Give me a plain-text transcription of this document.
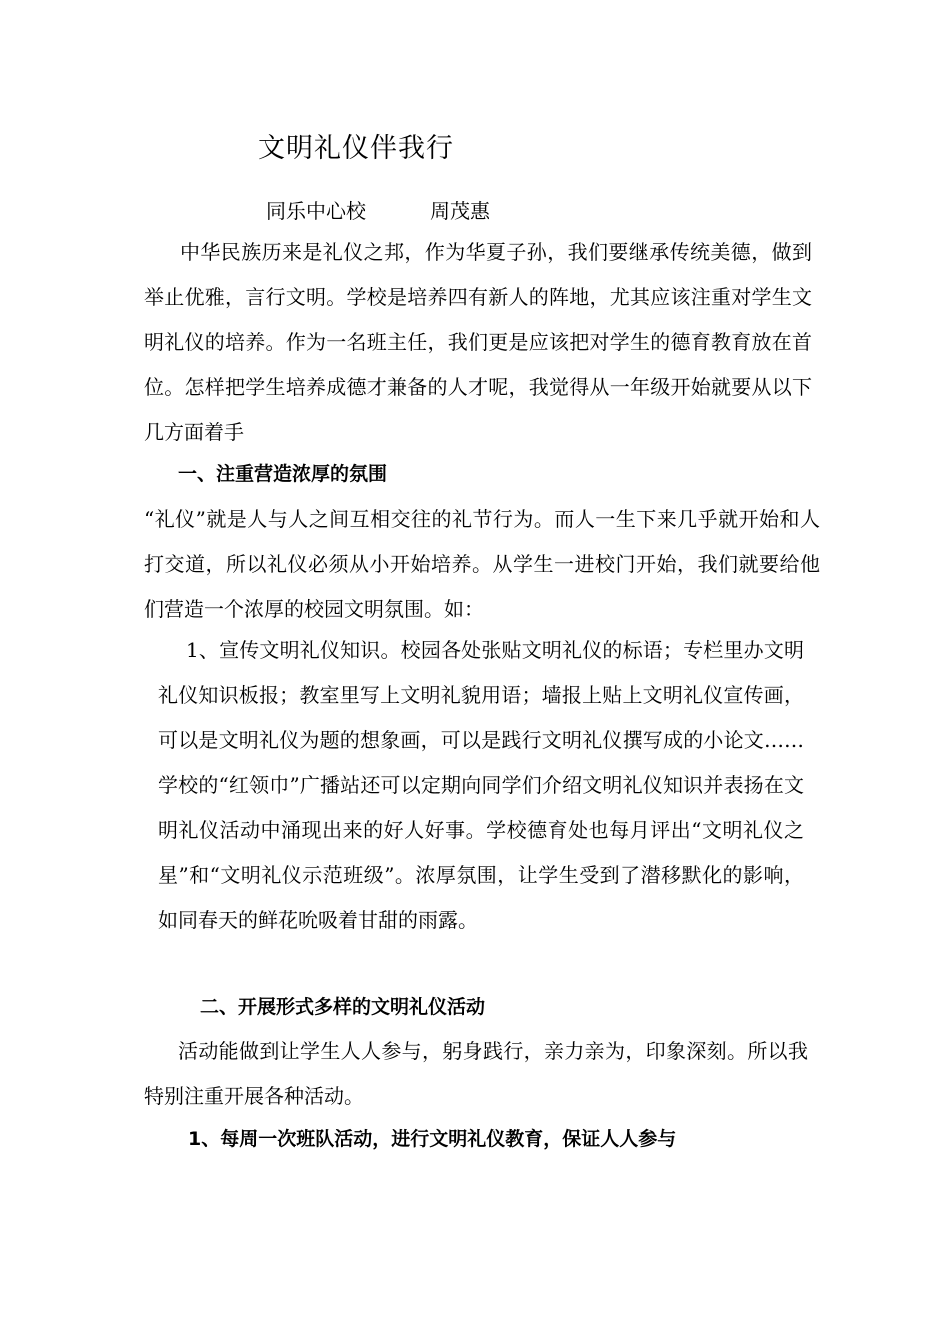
文明礼仪伴我行
同乐中心校	周茂惠

中华民族历来是礼仪之邦，作为华夏子孙，我们要继承传统美德，做到举止优雅，言行文明。学校是培养四有新人的阵地，尤其应该注重对学生文明礼仪的培养。作为一名班主任，我们更是应该把对学生的德育教育放在首位。怎样把学生培养成德才兼备的人才呢，我觉得从一年级开始就要从以下几方面着手

一、注重营造浓厚的氛围

“礼仪”就是人与人之间互相交往的礼节行为。而人一生下来几乎就开始和人打交道，所以礼仪必须从小开始培养。从学生一进校门开始，我们就要给他们营造一个浓厚的校园文明氛围。如：

1、宣传文明礼仪知识。校园各处张贴文明礼仪的标语；专栏里办文明礼仪知识板报；教室里写上文明礼貌用语；墙报上贴上文明礼仪宣传画，可以是文明礼仪为题的想象画，可以是践行文明礼仪撰写成的小论文……学校的“红领巾”广播站还可以定期向同学们介绍文明礼仪知识并表扬在文明礼仪活动中涌现出来的好人好事。学校德育处也每月评出“文明礼仪之星”和“文明礼仪示范班级”。浓厚氛围，让学生受到了潜移默化的影响，如同春天的鲜花吮吸着甘甜的雨露。

二、开展形式多样的文明礼仪活动

活动能做到让学生人人参与，躬身践行，亲力亲为，印象深刻。所以我特别注重开展各种活动。

1、每周一次班队活动，进行文明礼仪教育，保证人人参与
